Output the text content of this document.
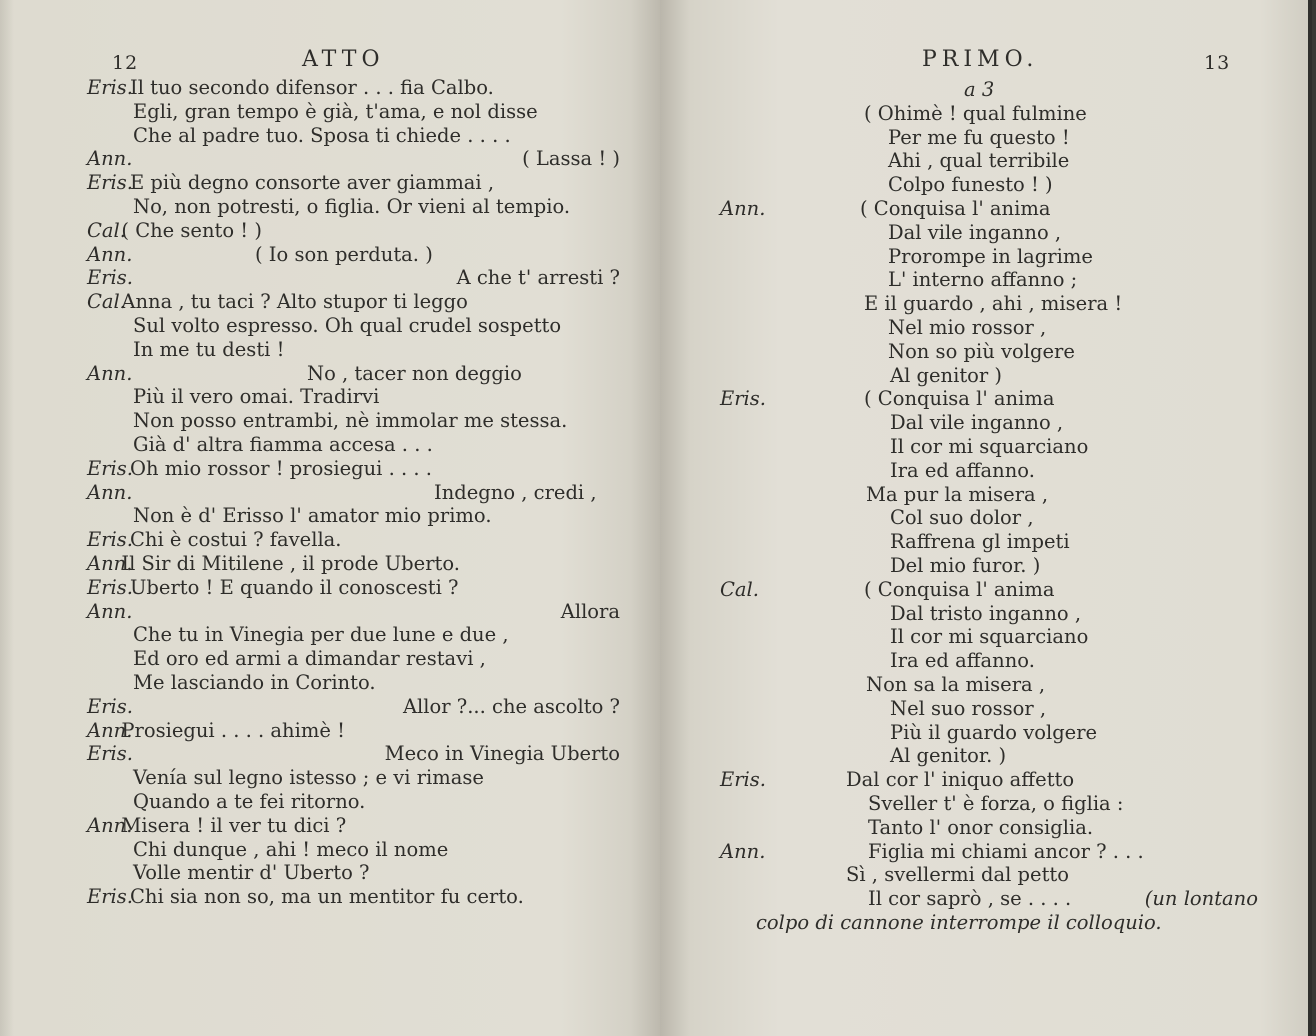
12	ATTO
Eris.
Il tuo secondo difensor . . . fia Calbo.
Egli, gran tempo è già, t'ama, e nol disse
Che al padre tuo. Sposa ti chiede . . . .
Ann.	( Lassa ! )
Eris.
E più degno consorte aver giammai ,
No, non potresti, o figlia. Or vieni al tempio.
Cal.
( Che sento ! )
Ann.	( Io son perduta. )
Eris.	A che t' arresti ?
Cal.
Anna , tu taci ? Alto stupor ti leggo
Sul volto espresso. Oh qual crudel sospetto
In me tu desti !
Ann.	No , tacer non deggio
Più il vero omai. Tradirvi
Non posso entrambi, nè immolar me stessa.
Già d' altra fiamma accesa . . .
Eris.
Oh mio rossor ! prosiegui . . . .
Ann.	Indegno , credi ,
Non è d' Erisso l' amator mio primo.
Eris.
Chi è costui ? favella.
Ann.
Il Sir di Mitilene , il prode Uberto.
Eris.
Uberto ! E quando il conoscesti ?
Ann.	Allora
Che tu in Vinegia per due lune e due ,
Ed oro ed armi a dimandar restavi ,
Me lasciando in Corinto.
Eris.	Allor ?... che ascolto ?
Ann.
Prosiegui . . . . ahimè !
Eris.	Meco in Vinegia Uberto
Venía sul legno istesso ; e vi rimase
Quando a te fei ritorno.
Ann.
Misera ! il ver tu dici ?
Chi dunque , ahi ! meco il nome
Volle mentir d' Uberto ?
Eris.
Chi sia non so, ma un mentitor fu certo.
PRIMO.	13
a 3
( Ohimè ! qual fulmine
Per me fu questo !
Ahi , qual terribile
Colpo funesto ! )
Ann.	( Conquisa l' anima
Dal vile inganno ,
Prorompe in lagrime
L' interno affanno ;
E il guardo , ahi , misera !
Nel mio rossor ,
Non so più volgere
Al genitor )
Eris.	( Conquisa l' anima
Dal vile inganno ,
Il cor mi squarciano
Ira ed affanno.
Ma pur la misera ,
Col suo dolor ,
Raffrena gl impeti
Del mio furor. )
Cal.	( Conquisa l' anima
Dal tristo inganno ,
Il cor mi squarciano
Ira ed affanno.
Non sa la misera ,
Nel suo rossor ,
Più il guardo volgere
Al genitor. )
Eris.	Dal cor l' iniquo affetto
Sveller t' è forza, o figlia :
Tanto l' onor consiglia.
Ann.	Figlia mi chiami ancor ? . . .
Sì , svellermi dal petto
Il cor saprò , se . . . .	(un lontano
colpo di cannone interrompe il colloquio.
